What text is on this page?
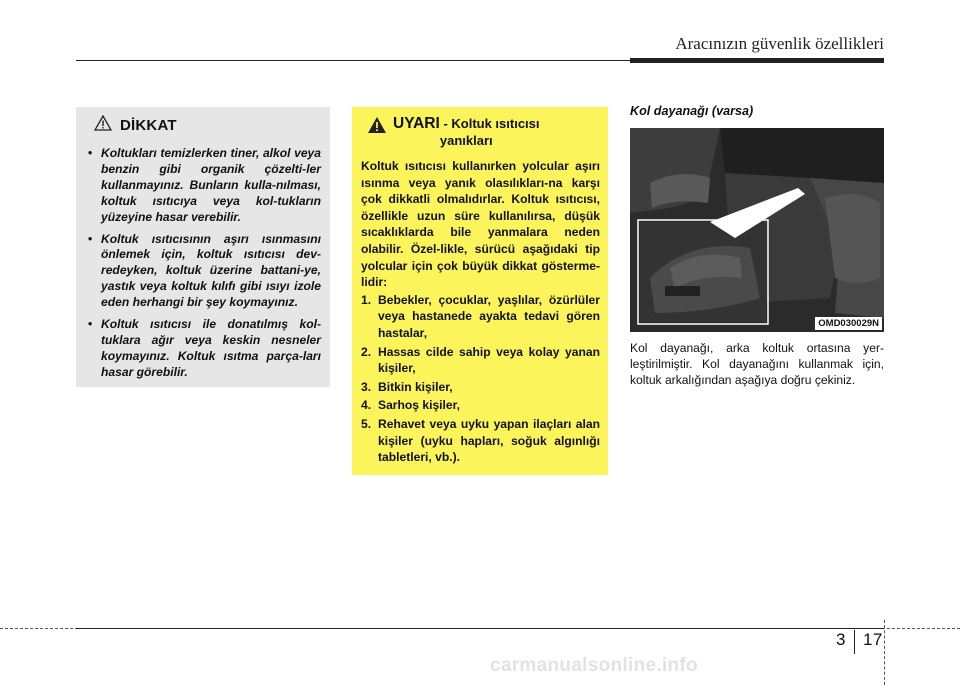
Aracınızın güvenlik özellikleri
DİKKAT
• Koltukları temizlerken tiner, alkol veya benzin gibi organik çözelti-ler kullanmayınız. Bunların kulla-nılması, koltuk ısıtıcıya veya kol-tukların yüzeyine hasar verebilir.
• Koltuk ısıtıcısının aşırı ısınmasını önlemek için, koltuk ısıtıcısı dev-redeyken, koltuk üzerine battani-ye, yastık veya koltuk kılıfı gibi ısıyı izole eden herhangi bir şey koymayınız.
• Koltuk ısıtıcısı ile donatılmış kol-tuklara ağır veya keskin nesneler koymayınız. Koltuk ısıtma parça-ları hasar görebilir.
UYARI - Koltuk ısıtıcısı
yanıkları
Koltuk ısıtıcısı kullanırken yolcular aşırı ısınma veya yanık olasılıkları-na karşı çok dikkatli olmalıdırlar. Koltuk ısıtıcısı, özellikle uzun süre kullanılırsa, düşük sıcaklıklarda bile yanmalara neden olabilir. Özel-likle, sürücü aşağıdaki tip yolcular için çok büyük dikkat gösterme-lidir:
1. Bebekler, çocuklar, yaşlılar, özürlüler veya hastanede ayakta tedavi gören hastalar,
2. Hassas cilde sahip veya kolay yanan kişiler,
3. Bitkin kişiler,
4. Sarhoş kişiler,
5. Rehavet veya uyku yapan ilaçları alan kişiler (uyku hapları, soğuk algınlığı tabletleri, vb.).
Kol dayanağı (varsa)
OMD030029N
Kol dayanağı, arka koltuk ortasına yer-leştirilmiştir. Kol dayanağını kullanmak için, koltuk arkalığından aşağıya doğru çekiniz.
3 17
carmanualsonline.info
